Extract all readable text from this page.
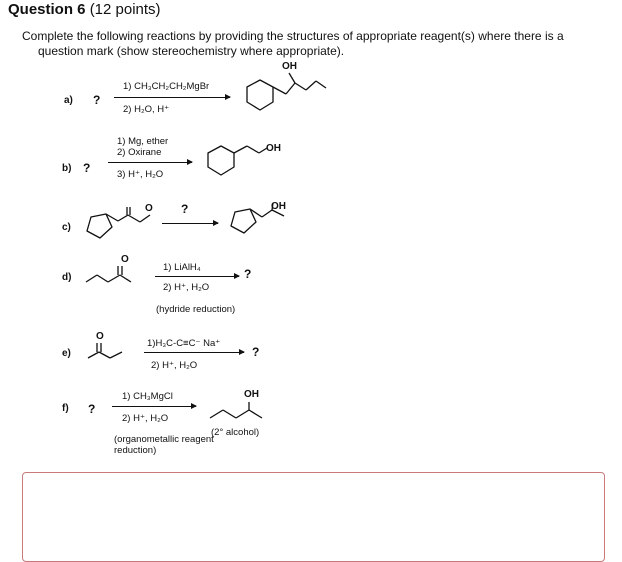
Question 6 (12 points)
Complete the following reactions by providing the structures of appropriate reagent(s) where there is a
question mark (show stereochemistry where appropriate).
a) ?
1) CH₃CH₂CH₂MgBr
2) H₂O, H⁺
OH
b) ?
1) Mg, ether
2) Oxirane
3) H⁺, H₂O
OH
c)
O ?	OH
d)
O
1) LiAlH₄
2) H⁺, H₂O
(hydride reduction)
?
e)
O
1)H₃C-C≡C⁻ Na⁺
2) H⁺, H₂O
?
f) ?
1) CH₃MgCl
2) H⁺, H₂O
(organometallic reagent reduction)
OH
(2° alcohol)
